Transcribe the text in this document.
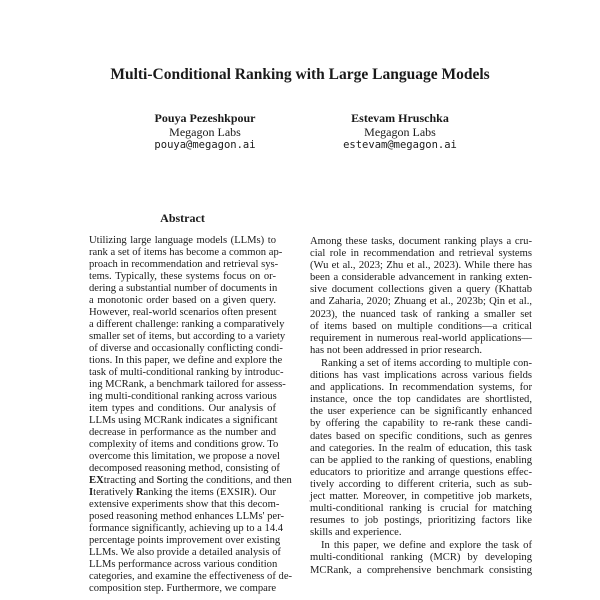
Multi-Conditional Ranking with Large Language Models
Pouya Pezeshkpour
Megagon Labs
pouya@megagon.ai
Estevam Hruschka
Megagon Labs
estevam@megagon.ai
Abstract
Utilizing large language models (LLMs) to
rank a set of items has become a common ap-
proach in recommendation and retrieval sys-
tems. Typically, these systems focus on or-
dering a substantial number of documents in
a monotonic order based on a given query.
However, real-world scenarios often present
a different challenge: ranking a comparatively
smaller set of items, but according to a variety
of diverse and occasionally conflicting condi-
tions. In this paper, we define and explore the
task of multi-conditional ranking by introduc-
ing MCRank, a benchmark tailored for assess-
ing multi-conditional ranking across various
item types and conditions. Our analysis of
LLMs using MCRank indicates a significant
decrease in performance as the number and
complexity of items and conditions grow. To
overcome this limitation, we propose a novel
decomposed reasoning method, consisting of
EXtracting and Sorting the conditions, and then
Iteratively Ranking the items (EXSIR). Our
extensive experiments show that this decom-
posed reasoning method enhances LLMs' per-
formance significantly, achieving up to a 14.4
percentage points improvement over existing
LLMs. We also provide a detailed analysis of
LLMs performance across various condition
categories, and examine the effectiveness of de-
composition step. Furthermore, we compare
Among these tasks, document ranking plays a cru-
cial role in recommendation and retrieval systems
(Wu et al., 2023; Zhu et al., 2023). While there has
been a considerable advancement in ranking exten-
sive document collections given a query (Khattab
and Zaharia, 2020; Zhuang et al., 2023b; Qin et al.,
2023), the nuanced task of ranking a smaller set
of items based on multiple conditions—a critical
requirement in numerous real-world applications—
has not been addressed in prior research.
Ranking a set of items according to multiple con-
ditions has vast implications across various fields
and applications. In recommendation systems, for
instance, once the top candidates are shortlisted,
the user experience can be significantly enhanced
by offering the capability to re-rank these candi-
dates based on specific conditions, such as genres
and categories. In the realm of education, this task
can be applied to the ranking of questions, enabling
educators to prioritize and arrange questions effec-
tively according to different criteria, such as sub-
ject matter. Moreover, in competitive job markets,
multi-conditional ranking is crucial for matching
resumes to job postings, prioritizing factors like
skills and experience.
In this paper, we define and explore the task of
multi-conditional ranking (MCR) by developing
MCRank, a comprehensive benchmark consisting
